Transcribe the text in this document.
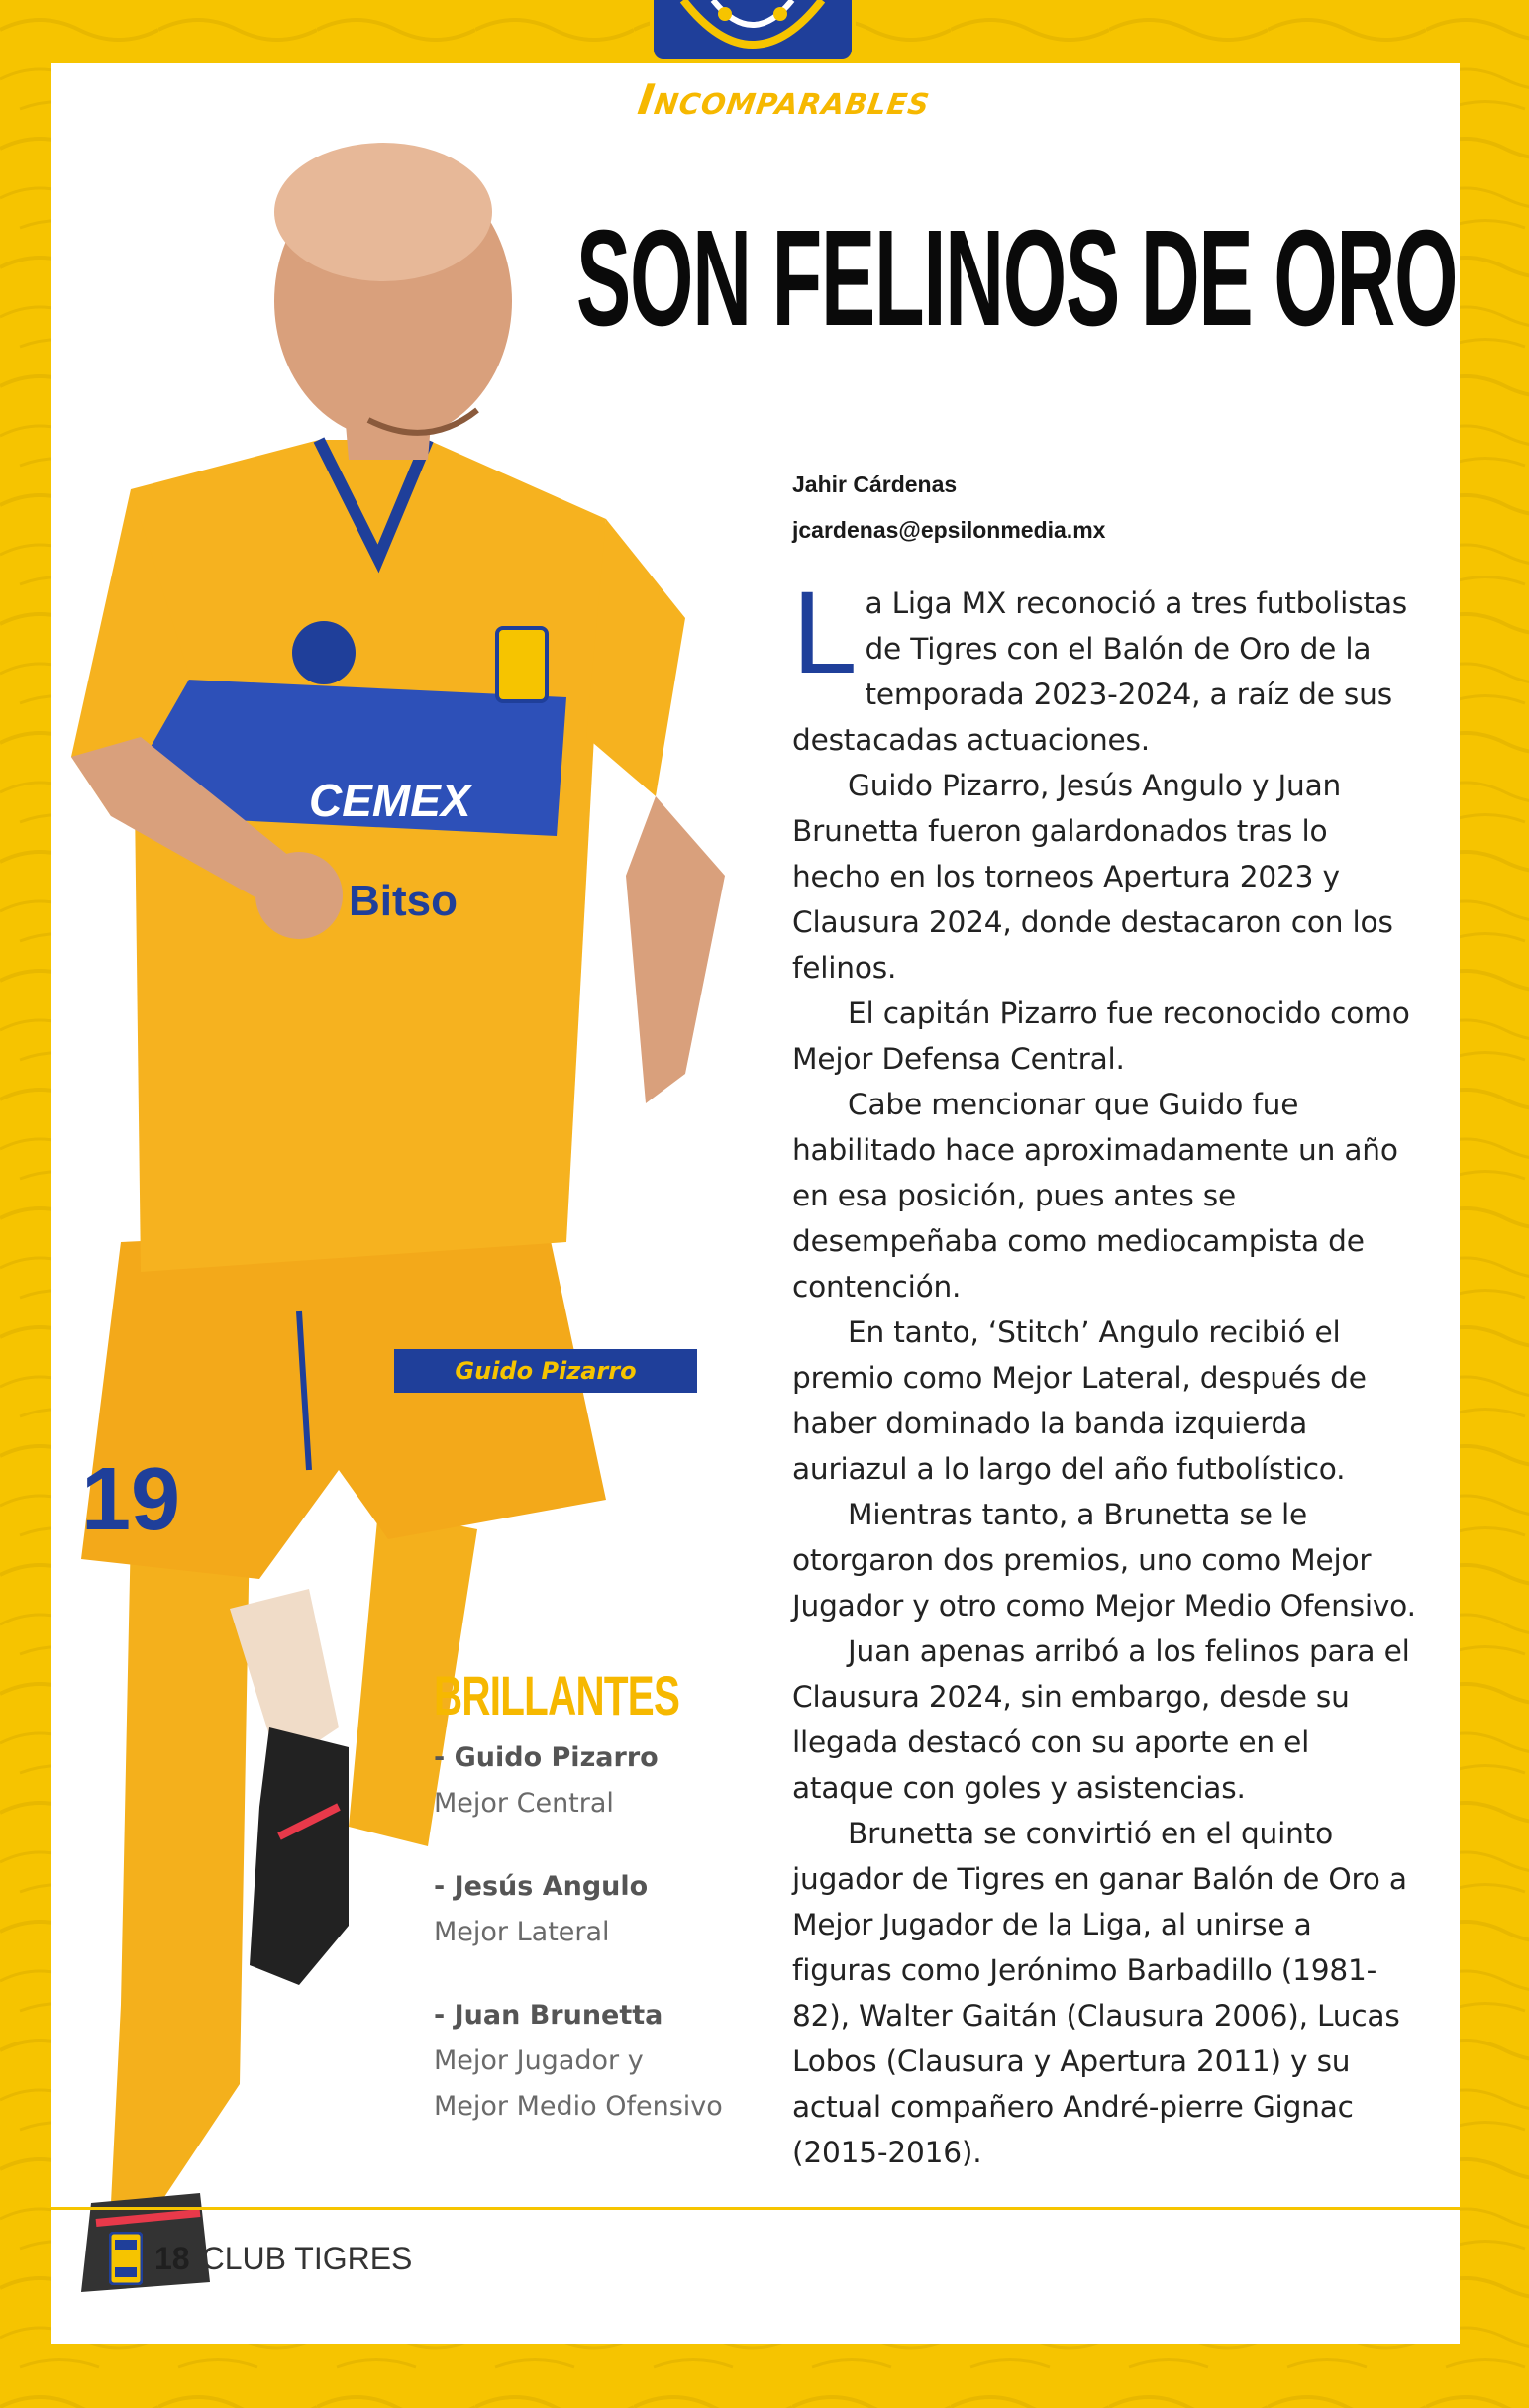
Incomparables
SON FELINOS DE ORO
Jahir Cárdenas
jcardenas@epsilonmedia.mx

La Liga MX reconoció a tres futbolistas de Tigres con el Balón de Oro de la temporada 2023-2024, a raíz de sus destacadas actuaciones.

Guido Pizarro, Jesús Angulo y Juan Brunetta fueron galardonados tras lo hecho en los torneos Apertura 2023 y Clausura 2024, donde destacaron con los felinos.

El capitán Pizarro fue reconocido como Mejor Defensa Central.

Cabe mencionar que Guido fue habilitado hace aproximadamente un año en esa posición, pues antes se desempeñaba como mediocampista de contención.

En tanto, ‘Stitch’ Angulo recibió el premio como Mejor Lateral, después de haber dominado la banda izquierda auriazul a lo largo del año futbolístico.

Mientras tanto, a Brunetta se le otorgaron dos premios, uno como Mejor Jugador y otro como Mejor Medio Ofensivo.

Juan apenas arribó a los felinos para el Clausura 2024, sin embargo, desde su llegada destacó con su aporte en el ataque con goles y asistencias.

Brunetta se convirtió en el quinto jugador de Tigres en ganar Balón de Oro a Mejor Jugador de la Liga, al unirse a figuras como Jerónimo Barbadillo (1981-82), Walter Gaitán (Clausura 2006), Lucas Lobos (Clausura y Apertura 2011) y su actual compañero André-pierre Gignac (2015-2016).

19
CEMEX
Bitso
Guido Pizarro
BRILLANTES
- Guido Pizarro
Mejor Central
- Jesús Angulo
Mejor Lateral
- Juan Brunetta
Mejor Jugador y
Mejor Medio Ofensivo
18 CLUB TIGRES
